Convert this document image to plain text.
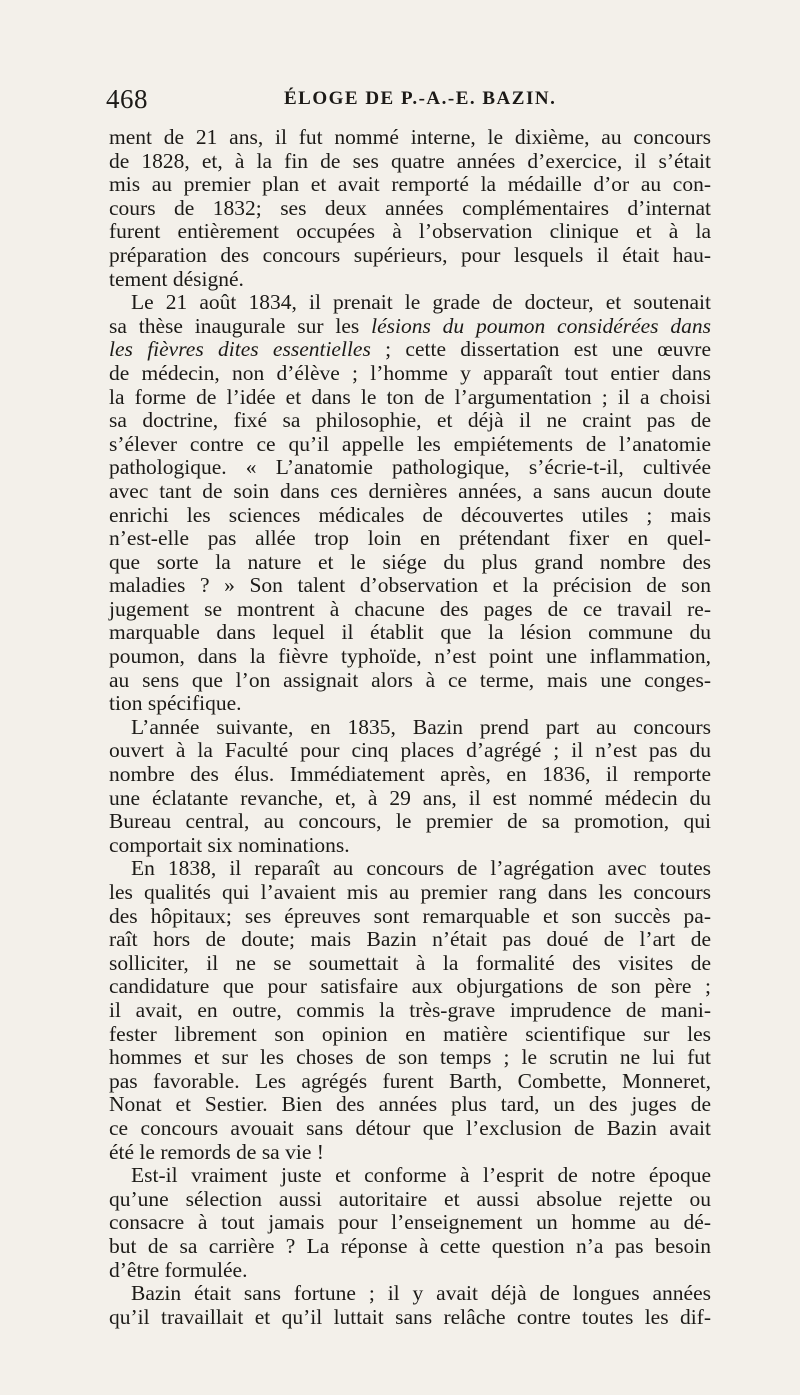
468	ÉLOGE DE P.-A.-E. BAZIN.
ment de 21 ans, il fut nommé interne, le dixième, au concours
de 1828, et, à la fin de ses quatre années d’exercice, il s’était
mis au premier plan et avait remporté la médaille d’or au con-
cours de 1832; ses deux années complémentaires d’internat
furent entièrement occupées à l’observation clinique et à la
préparation des concours supérieurs, pour lesquels il était hau-
tement désigné.
Le 21 août 1834, il prenait le grade de docteur, et soutenait
sa thèse inaugurale sur les lésions du poumon considérées dans
les fièvres dites essentielles ; cette dissertation est une œuvre
de médecin, non d’élève ; l’homme y apparaît tout entier dans
la forme de l’idée et dans le ton de l’argumentation ; il a choisi
sa doctrine, fixé sa philosophie, et déjà il ne craint pas de
s’élever contre ce qu’il appelle les empiétements de l’anatomie
pathologique. « L’anatomie pathologique, s’écrie-t-il, cultivée
avec tant de soin dans ces dernières années, a sans aucun doute
enrichi les sciences médicales de découvertes utiles ; mais
n’est-elle pas allée trop loin en prétendant fixer en quel-
que sorte la nature et le siége du plus grand nombre des
maladies ? » Son talent d’observation et la précision de son
jugement se montrent à chacune des pages de ce travail re-
marquable dans lequel il établit que la lésion commune du
poumon, dans la fièvre typhoïde, n’est point une inflammation,
au sens que l’on assignait alors à ce terme, mais une conges-
tion spécifique.
L’année suivante, en 1835, Bazin prend part au concours
ouvert à la Faculté pour cinq places d’agrégé ; il n’est pas du
nombre des élus. Immédiatement après, en 1836, il remporte
une éclatante revanche, et, à 29 ans, il est nommé médecin du
Bureau central, au concours, le premier de sa promotion, qui
comportait six nominations.
En 1838, il reparaît au concours de l’agrégation avec toutes
les qualités qui l’avaient mis au premier rang dans les concours
des hôpitaux; ses épreuves sont remarquable et son succès pa-
raît hors de doute; mais Bazin n’était pas doué de l’art de
solliciter, il ne se soumettait à la formalité des visites de
candidature que pour satisfaire aux objurgations de son père ;
il avait, en outre, commis la très-grave imprudence de mani-
fester librement son opinion en matière scientifique sur les
hommes et sur les choses de son temps ; le scrutin ne lui fut
pas favorable. Les agrégés furent Barth, Combette, Monneret,
Nonat et Sestier. Bien des années plus tard, un des juges de
ce concours avouait sans détour que l’exclusion de Bazin avait
été le remords de sa vie !
Est-il vraiment juste et conforme à l’esprit de notre époque
qu’une sélection aussi autoritaire et aussi absolue rejette ou
consacre à tout jamais pour l’enseignement un homme au dé-
but de sa carrière ? La réponse à cette question n’a pas besoin
d’être formulée.
Bazin était sans fortune ; il y avait déjà de longues années
qu’il travaillait et qu’il luttait sans relâche contre toutes les dif-
